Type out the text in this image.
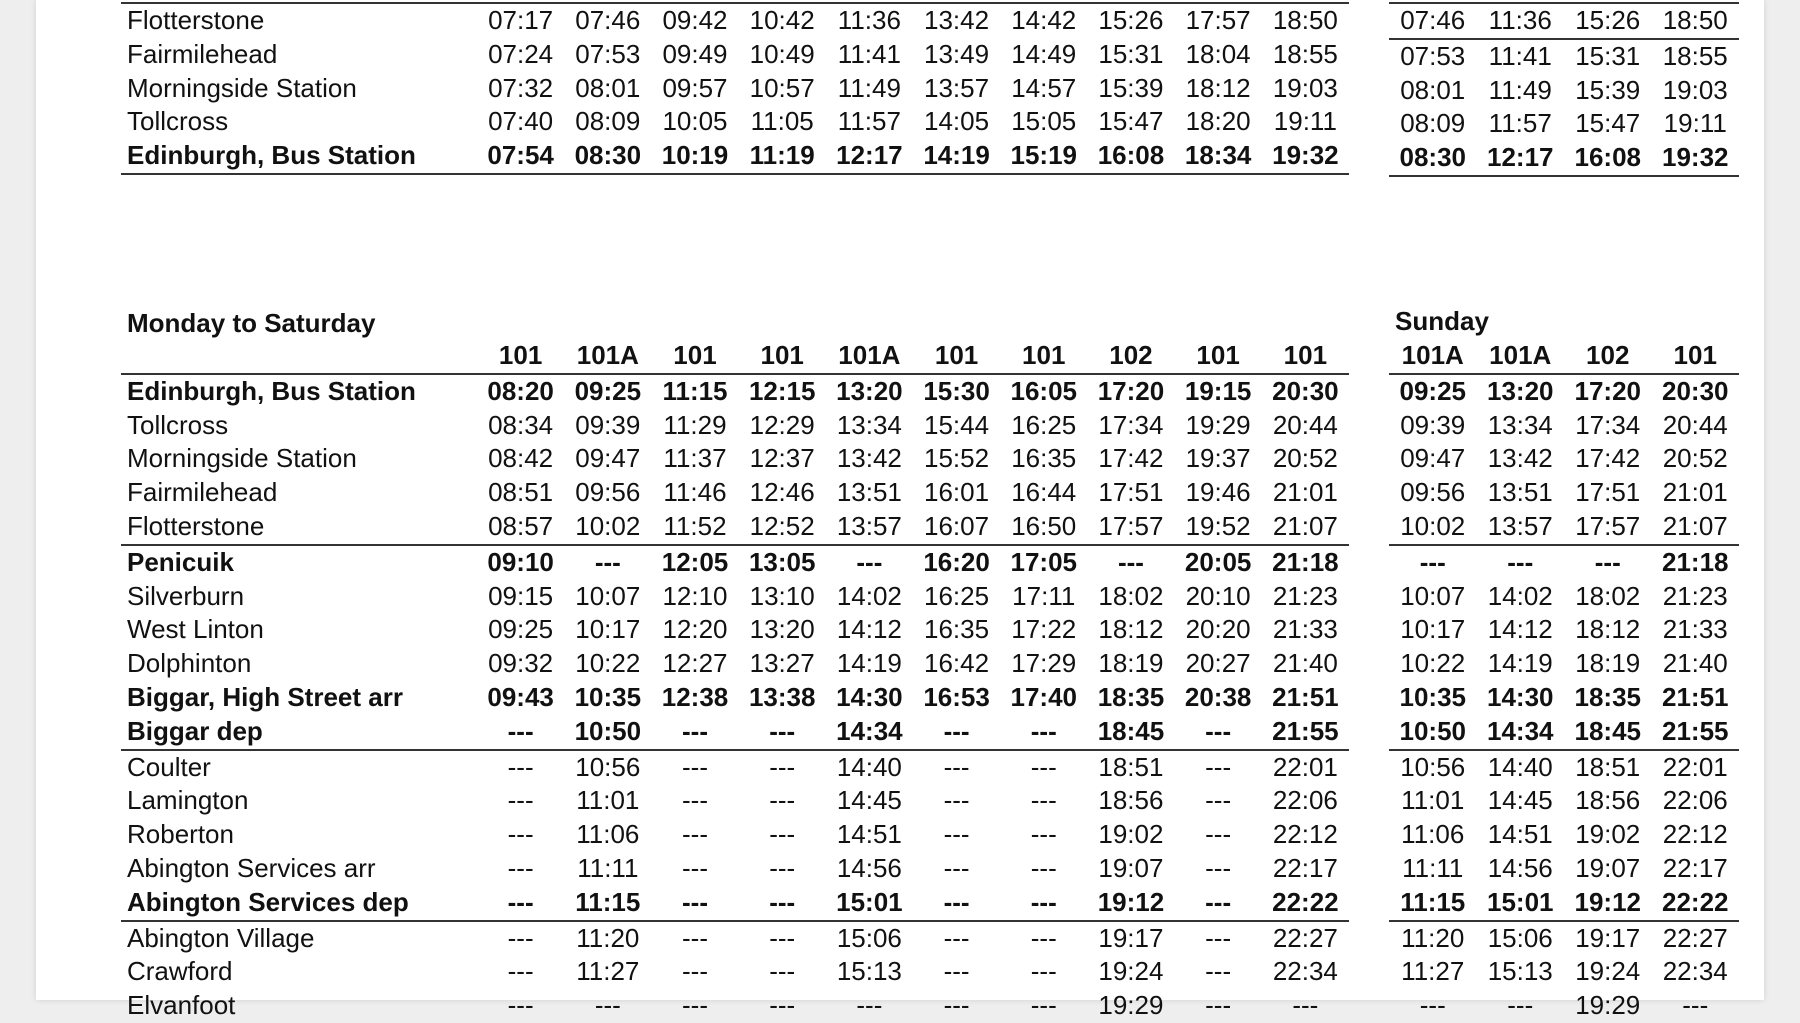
Flotterstone	07:17	07:46	09:42	10:42	11:36	13:42	14:42	15:26	17:57	18:50
Fairmilehead	07:24	07:53	09:49	10:49	11:41	13:49	14:49	15:31	18:04	18:55
Morningside Station	07:32	08:01	09:57	10:57	11:49	13:57	14:57	15:39	18:12	19:03
Tollcross	07:40	08:09	10:05	11:05	11:57	14:05	15:05	15:47	18:20	19:11
Edinburgh, Bus Station	07:54	08:30	10:19	11:19	12:17	14:19	15:19	16:08	18:34	19:32
07:46	11:36	15:26	18:50
07:53	11:41	15:31	18:55
08:01	11:49	15:39	19:03
08:09	11:57	15:47	19:11
08:30	12:17	16:08	19:32
Monday to Saturday	Sunday
	101	101A	101	101	101A	101	101	102	101	101
Edinburgh, Bus Station	08:20	09:25	11:15	12:15	13:20	15:30	16:05	17:20	19:15	20:30
Tollcross	08:34	09:39	11:29	12:29	13:34	15:44	16:25	17:34	19:29	20:44
Morningside Station	08:42	09:47	11:37	12:37	13:42	15:52	16:35	17:42	19:37	20:52
Fairmilehead	08:51	09:56	11:46	12:46	13:51	16:01	16:44	17:51	19:46	21:01
Flotterstone	08:57	10:02	11:52	12:52	13:57	16:07	16:50	17:57	19:52	21:07
Penicuik	09:10	---	12:05	13:05	---	16:20	17:05	---	20:05	21:18
Silverburn	09:15	10:07	12:10	13:10	14:02	16:25	17:11	18:02	20:10	21:23
West Linton	09:25	10:17	12:20	13:20	14:12	16:35	17:22	18:12	20:20	21:33
Dolphinton	09:32	10:22	12:27	13:27	14:19	16:42	17:29	18:19	20:27	21:40
Biggar, High Street arr	09:43	10:35	12:38	13:38	14:30	16:53	17:40	18:35	20:38	21:51
Biggar dep	---	10:50	---	---	14:34	---	---	18:45	---	21:55
Coulter	---	10:56	---	---	14:40	---	---	18:51	---	22:01
Lamington	---	11:01	---	---	14:45	---	---	18:56	---	22:06
Roberton	---	11:06	---	---	14:51	---	---	19:02	---	22:12
Abington Services arr	---	11:11	---	---	14:56	---	---	19:07	---	22:17
Abington Services dep	---	11:15	---	---	15:01	---	---	19:12	---	22:22
Abington Village	---	11:20	---	---	15:06	---	---	19:17	---	22:27
Crawford	---	11:27	---	---	15:13	---	---	19:24	---	22:34
Elvanfoot	---	---	---	---	---	---	---	19:29	---	---
101A	101A	102	101
09:25	13:20	17:20	20:30
09:39	13:34	17:34	20:44
09:47	13:42	17:42	20:52
09:56	13:51	17:51	21:01
10:02	13:57	17:57	21:07
---	---	---	21:18
10:07	14:02	18:02	21:23
10:17	14:12	18:12	21:33
10:22	14:19	18:19	21:40
10:35	14:30	18:35	21:51
10:50	14:34	18:45	21:55
10:56	14:40	18:51	22:01
11:01	14:45	18:56	22:06
11:06	14:51	19:02	22:12
11:11	14:56	19:07	22:17
11:15	15:01	19:12	22:22
11:20	15:06	19:17	22:27
11:27	15:13	19:24	22:34
---	---	19:29	---
